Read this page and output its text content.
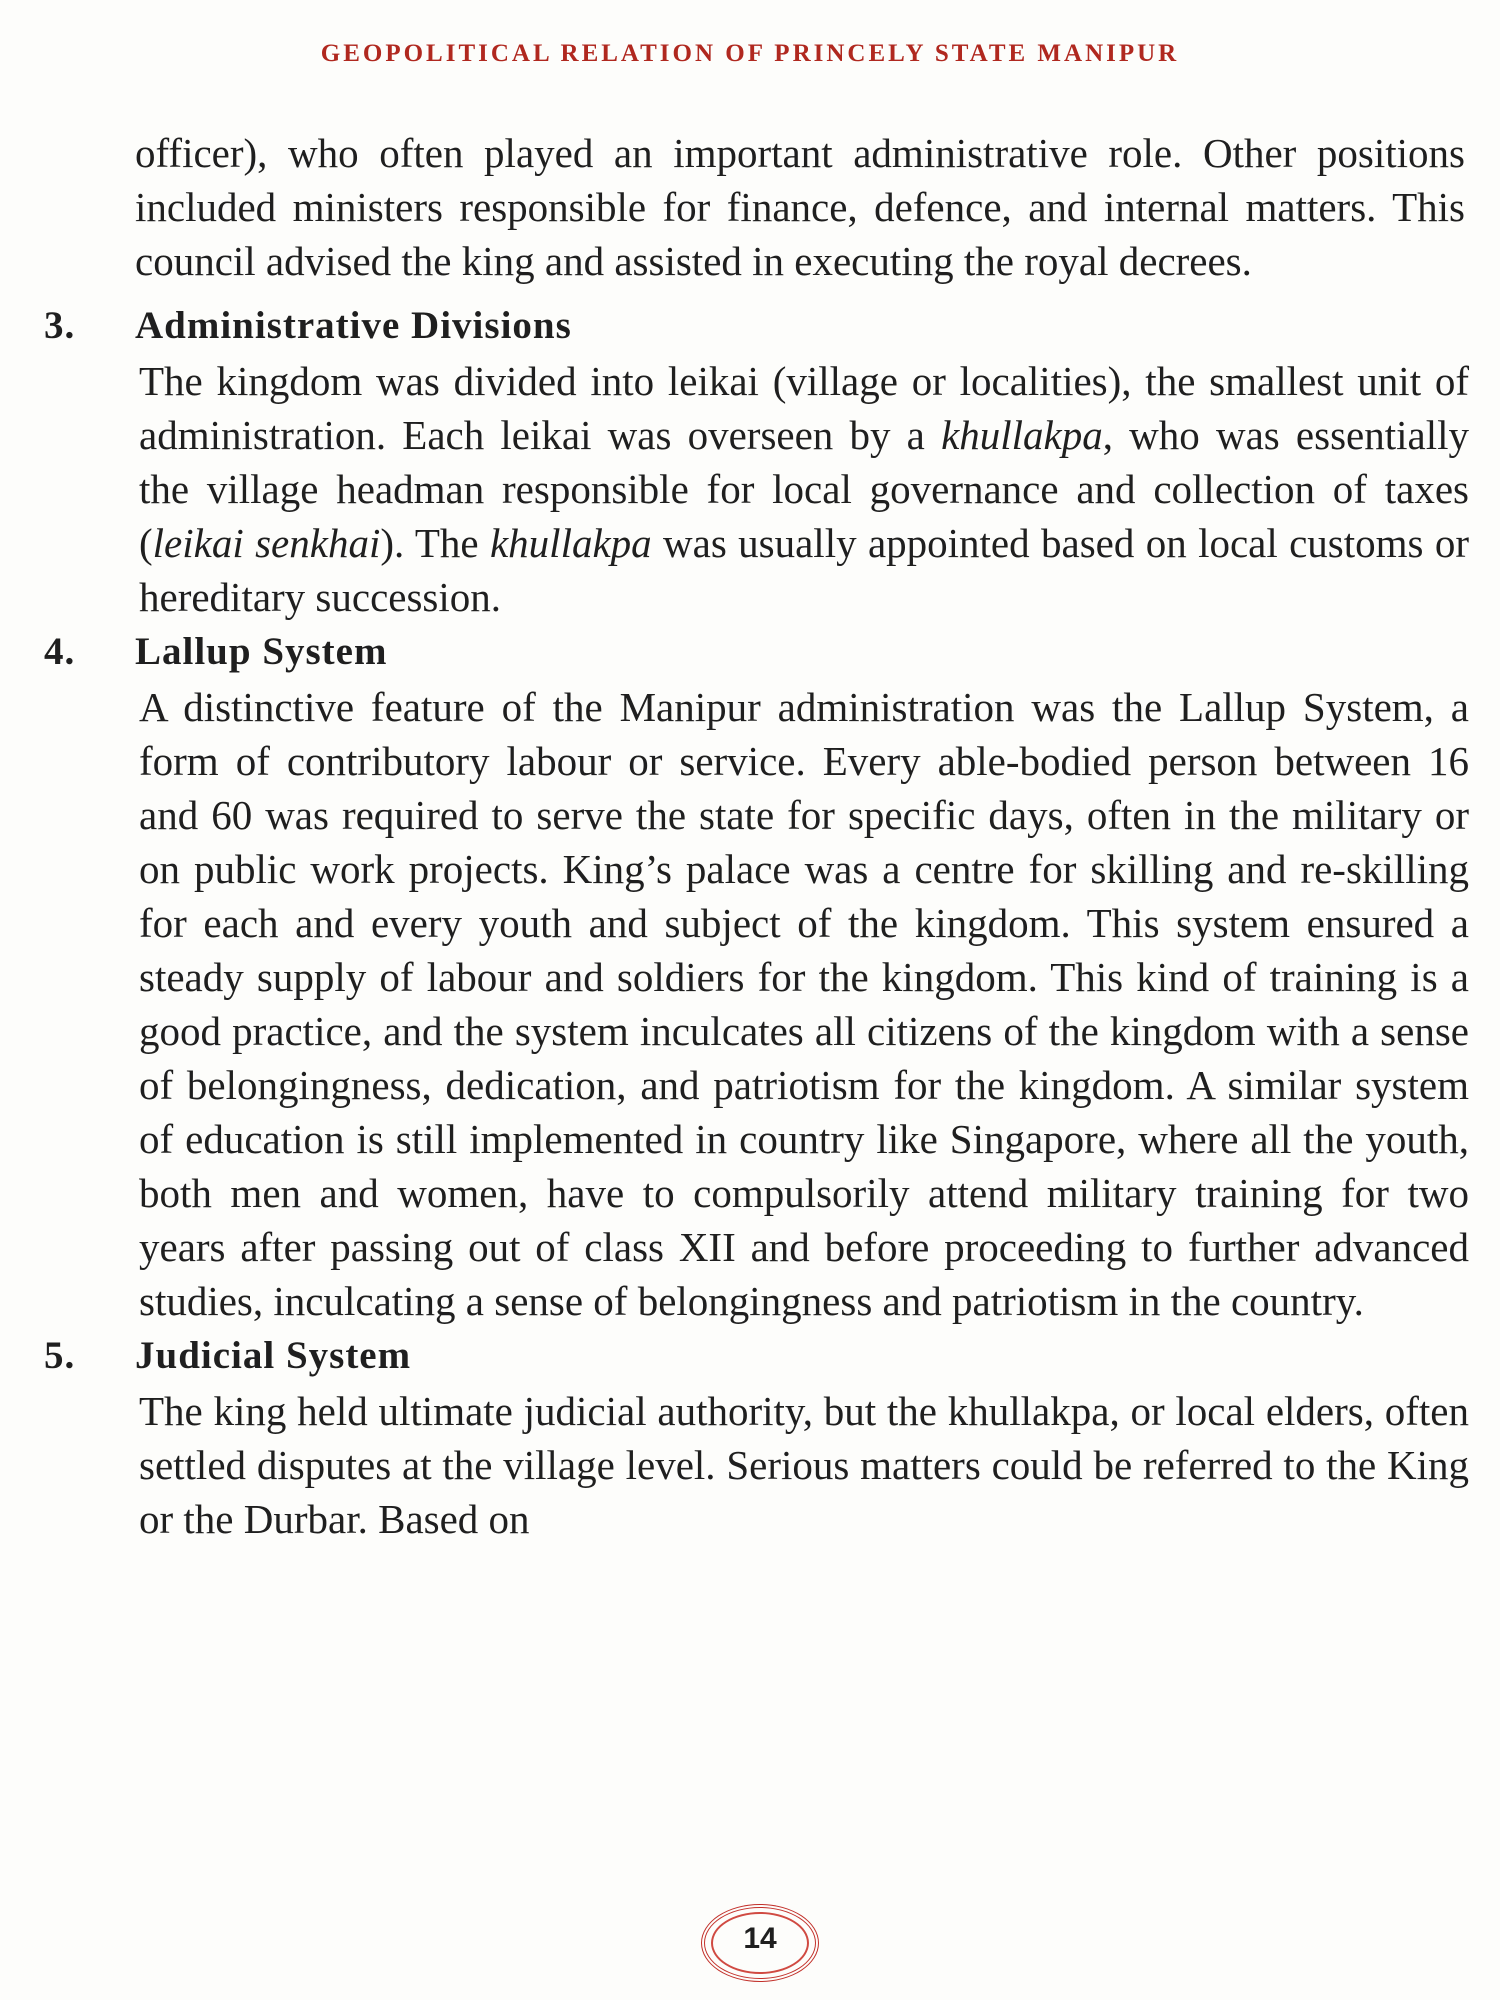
GEOPOLITICAL RELATION OF PRINCELY STATE MANIPUR

officer), who often played an important administrative role. Other positions included ministers responsible for finance, defence, and internal matters. This council advised the king and assisted in executing the royal decrees.

3. Administrative Divisions

The kingdom was divided into leikai (village or localities), the smallest unit of administration. Each leikai was overseen by a khullakpa, who was essentially the village headman responsible for local governance and collection of taxes (leikai senkhai). The khullakpa was usually appointed based on local customs or hereditary succession.

4. Lallup System

A distinctive feature of the Manipur administration was the Lallup System, a form of contributory labour or service. Every able-bodied person between 16 and 60 was required to serve the state for specific days, often in the military or on public work projects. King’s palace was a centre for skilling and re-skilling for each and every youth and subject of the kingdom. This system ensured a steady supply of labour and soldiers for the kingdom. This kind of training is a good practice, and the system inculcates all citizens of the kingdom with a sense of belongingness, dedication, and patriotism for the kingdom. A similar system of education is still implemented in country like Singapore, where all the youth, both men and women, have to compulsorily attend military training for two years after passing out of class XII and before proceeding to further advanced studies, inculcating a sense of belongingness and patriotism in the country.

5. Judicial System

The king held ultimate judicial authority, but the khullakpa, or local elders, often settled disputes at the village level. Serious matters could be referred to the King or the Durbar. Based on

14
